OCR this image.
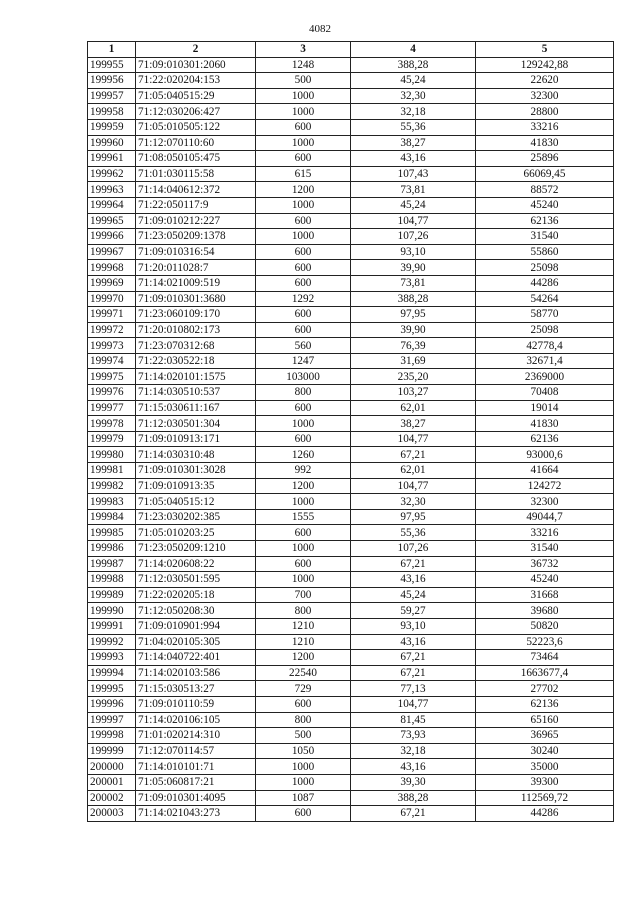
4082
1	2	3	4	5
199955	71:09:010301:2060	1248	388,28	129242,88
199956	71:22:020204:153	500	45,24	22620
199957	71:05:040515:29	1000	32,30	32300
199958	71:12:030206:427	1000	32,18	28800
199959	71:05:010505:122	600	55,36	33216
199960	71:12:070110:60	1000	38,27	41830
199961	71:08:050105:475	600	43,16	25896
199962	71:01:030115:58	615	107,43	66069,45
199963	71:14:040612:372	1200	73,81	88572
199964	71:22:050117:9	1000	45,24	45240
199965	71:09:010212:227	600	104,77	62136
199966	71:23:050209:1378	1000	107,26	31540
199967	71:09:010316:54	600	93,10	55860
199968	71:20:011028:7	600	39,90	25098
199969	71:14:021009:519	600	73,81	44286
199970	71:09:010301:3680	1292	388,28	54264
199971	71:23:060109:170	600	97,95	58770
199972	71:20:010802:173	600	39,90	25098
199973	71:23:070312:68	560	76,39	42778,4
199974	71:22:030522:18	1247	31,69	32671,4
199975	71:14:020101:1575	103000	235,20	2369000
199976	71:14:030510:537	800	103,27	70408
199977	71:15:030611:167	600	62,01	19014
199978	71:12:030501:304	1000	38,27	41830
199979	71:09:010913:171	600	104,77	62136
199980	71:14:030310:48	1260	67,21	93000,6
199981	71:09:010301:3028	992	62,01	41664
199982	71:09:010913:35	1200	104,77	124272
199983	71:05:040515:12	1000	32,30	32300
199984	71:23:030202:385	1555	97,95	49044,7
199985	71:05:010203:25	600	55,36	33216
199986	71:23:050209:1210	1000	107,26	31540
199987	71:14:020608:22	600	67,21	36732
199988	71:12:030501:595	1000	43,16	45240
199989	71:22:020205:18	700	45,24	31668
199990	71:12:050208:30	800	59,27	39680
199991	71:09:010901:994	1210	93,10	50820
199992	71:04:020105:305	1210	43,16	52223,6
199993	71:14:040722:401	1200	67,21	73464
199994	71:14:020103:586	22540	67,21	1663677,4
199995	71:15:030513:27	729	77,13	27702
199996	71:09:010110:59	600	104,77	62136
199997	71:14:020106:105	800	81,45	65160
199998	71:01:020214:310	500	73,93	36965
199999	71:12:070114:57	1050	32,18	30240
200000	71:14:010101:71	1000	43,16	35000
200001	71:05:060817:21	1000	39,30	39300
200002	71:09:010301:4095	1087	388,28	112569,72
200003	71:14:021043:273	600	67,21	44286
